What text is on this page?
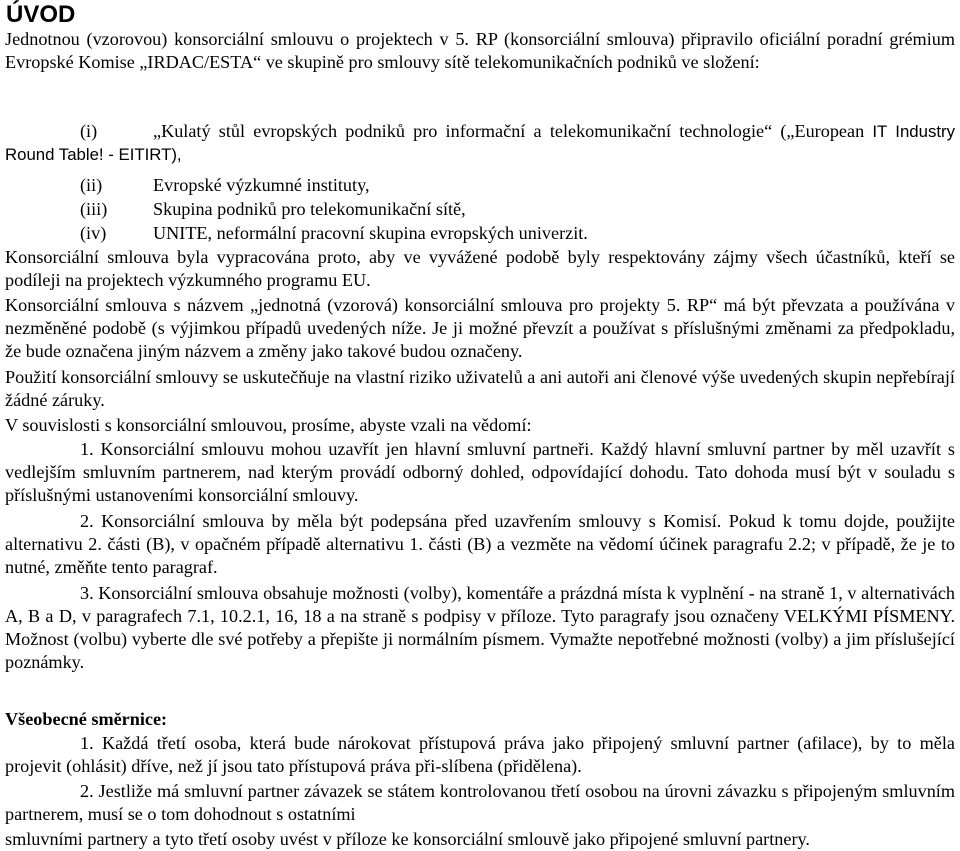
ÚVOD

Jednotnou (vzorovou) konsorciální smlouvu o projektech v 5. RP (konsorciální smlouva) připravilo oficiální poradní grémium Evropské Komise „IRDAC/ESTA“ ve skupině pro smlouvy sítě telekomunikačních podniků ve složení:

(i)	„Kulatý stůl evropských podniků pro informační a telekomunikační technologie“ („European IT Industry Round Table! - EITIRT),

(ii)	Evropské výzkumné instituty,
(iii)	Skupina podniků pro telekomunikační sítě,
(iv)	UNITE, neformální pracovní skupina evropských univerzit.

Konsorciální smlouva byla vypracována proto, aby ve vyvážené podobě byly respektovány zájmy všech účastníků, kteří se podíleji na projektech výzkumného programu EU.

Konsorciální smlouva s názvem „jednotná (vzorová) konsorciální smlouva pro projekty 5. RP“ má být převzata a používána v nezměněné podobě (s výjimkou případů uvedených níže. Je ji možné převzít a používat s příslušnými změnami za předpokladu, že bude označena jiným názvem a změny jako takové budou označeny.

Použití konsorciální smlouvy se uskutečňuje na vlastní riziko uživatelů a ani autoři ani členové výše uvedených skupin nepřebírají žádné záruky.

V souvislosti s konsorciální smlouvou, prosíme, abyste vzali na vědomí:

1. Konsorciální smlouvu mohou uzavřít jen hlavní smluvní partneři. Každý hlavní smluvní partner by měl uzavřít s vedlejším smluvním partnerem, nad kterým provádí odborný dohled, odpovídající dohodu. Tato dohoda musí být v souladu s příslušnými ustanoveními konsorciální smlouvy.

2. Konsorciální smlouva by měla být podepsána před uzavřením smlouvy s Komisí. Pokud k tomu dojde, použijte alternativu 2. části (B), v opačném případě alternativu 1. části (B) a vezměte na vědomí účinek paragrafu 2.2; v případě, že je to nutné, změňte tento paragraf.

3. Konsorciální smlouva obsahuje možnosti (volby), komentáře a prázdná místa k vyplnění - na straně 1, v alternativách A, B a D, v paragrafech 7.1, 10.2.1, 16, 18 a na straně s podpisy v příloze. Tyto paragrafy jsou označeny VELKÝMI PÍSMENY. Možnost (volbu) vyberte dle své potřeby a přepište ji normálním písmem. Vymažte nepotřebné možnosti (volby) a jim příslušející poznámky.

Všeobecné směrnice:

1. Každá třetí osoba, která bude nárokovat přístupová práva jako připojený smluvní partner (afilace), by to měla projevit (ohlásit) dříve, než jí jsou tato přístupová práva při-slíbena (přidělena).

2. Jestliže má smluvní partner závazek se státem kontrolovanou třetí osobou na úrovni závazku s připojeným smluvním partnerem, musí se o tom dohodnout s ostatními

smluvními partnery a tyto třetí osoby uvést v příloze ke konsorciální smlouvě jako připojené smluvní partnery.
